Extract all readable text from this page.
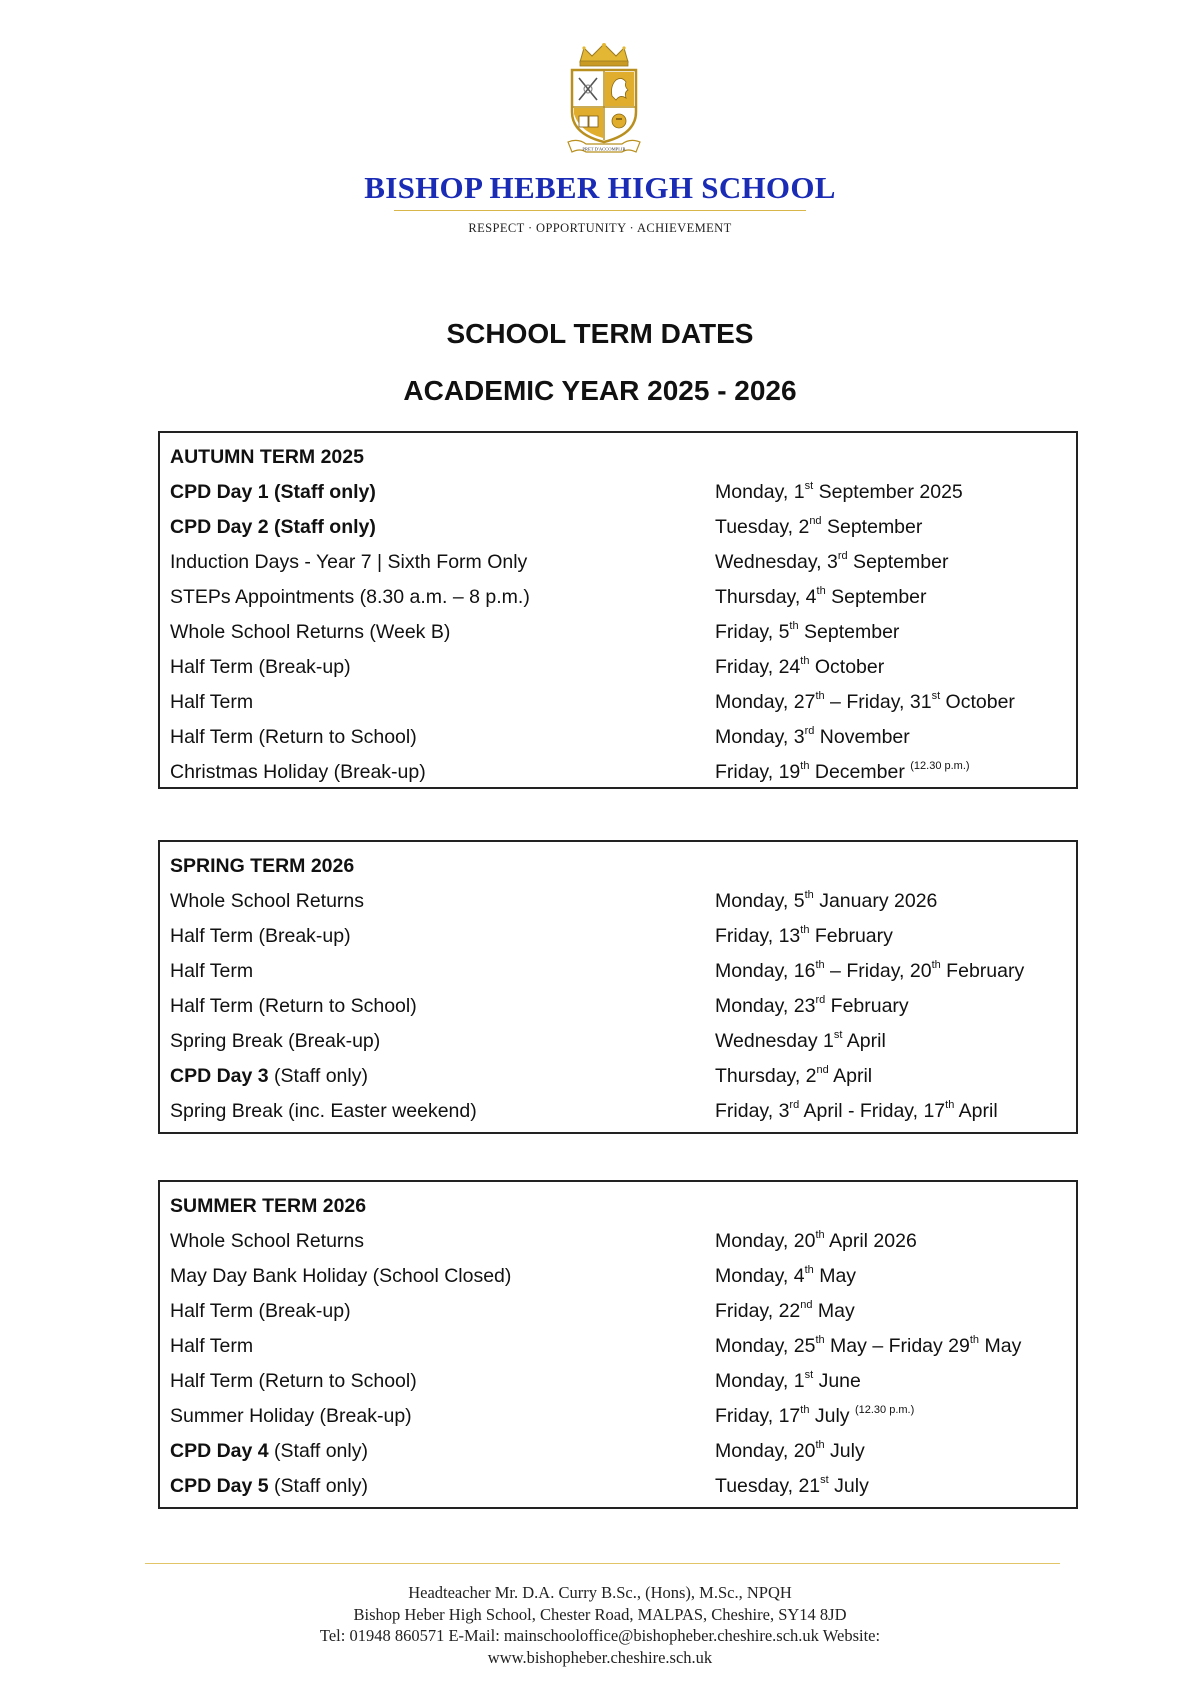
PRET D'ACCOMPLIR
BISHOP HEBER HIGH SCHOOL
RESPECT · OPPORTUNITY · ACHIEVEMENT
SCHOOL TERM DATES
ACADEMIC YEAR 2025 - 2026
AUTUMN TERM 2025
CPD Day 1 (Staff only)	Monday, 1st September 2025
CPD Day 2 (Staff only)	Tuesday, 2nd September
Induction Days - Year 7 | Sixth Form Only	Wednesday, 3rd September
STEPs Appointments (8.30 a.m. – 8 p.m.)	Thursday, 4th September
Whole School Returns (Week B)	Friday, 5th September
Half Term (Break-up)	Friday, 24th October
Half Term	Monday, 27th – Friday, 31st October
Half Term (Return to School)	Monday, 3rd November
Christmas Holiday (Break-up)	Friday, 19th December $^{(12.30 p.m.)}$
SPRING TERM 2026
Whole School Returns	Monday, 5th January 2026
Half Term (Break-up)	Friday, 13th February
Half Term	Monday, 16th – Friday, 20th February
Half Term (Return to School)	Monday, 23rd February
Spring Break (Break-up)	Wednesday 1st April
CPD Day 3 (Staff only)	Thursday, 2nd April
Spring Break (inc. Easter weekend)	Friday, 3rd April - Friday, 17th April
SUMMER TERM 2026
Whole School Returns	Monday, 20th April 2026
May Day Bank Holiday (School Closed)	Monday, 4th May
Half Term (Break-up)	Friday, 22nd May
Half Term	Monday, 25th May – Friday 29th May
Half Term (Return to School)	Monday, 1st June
Summer Holiday (Break-up)	Friday, 17th July $^{(12.30 p.m.)}$
CPD Day 4 (Staff only)	Monday, 20th July
CPD Day 5 (Staff only)	Tuesday, 21st July
Headteacher Mr. D.A. Curry B.Sc., (Hons), M.Sc., NPQH
Bishop Heber High School, Chester Road, MALPAS, Cheshire, SY14 8JD
Tel: 01948 860571 E-Mail: mainschooloffice@bishopheber.cheshire.sch.uk Website:
www.bishopheber.cheshire.sch.uk
